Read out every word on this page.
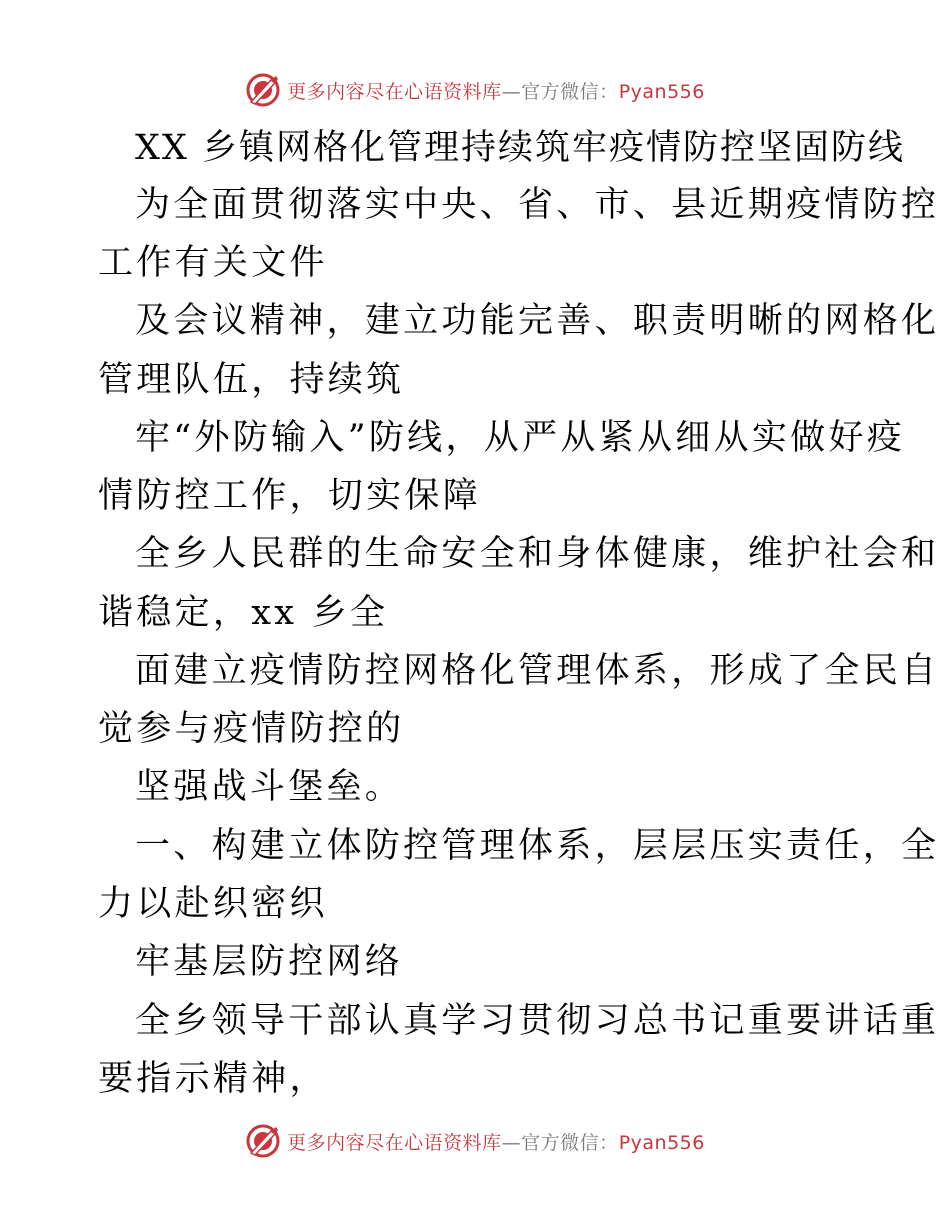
更多内容尽在心语资料库—官方微信：Pyan556
XX 乡镇网格化管理持续筑牢疫情防控坚固防线
为全面贯彻落实中央、省、市、县近期疫情防控
工作有关文件
及会议精神，建立功能完善、职责明晰的网格化
管理队伍，持续筑
牢“外防输入”防线，从严从紧从细从实做好疫
情防控工作，切实保障
全乡人民群的生命安全和身体健康，维护社会和
谐稳定，xx 乡全
面建立疫情防控网格化管理体系，形成了全民自
觉参与疫情防控的
坚强战斗堡垒。
一、构建立体防控管理体系，层层压实责任，全
力以赴织密织
牢基层防控网络
全乡领导干部认真学习贯彻习总书记重要讲话重
要指示精神，
更多内容尽在心语资料库—官方微信：Pyan556
